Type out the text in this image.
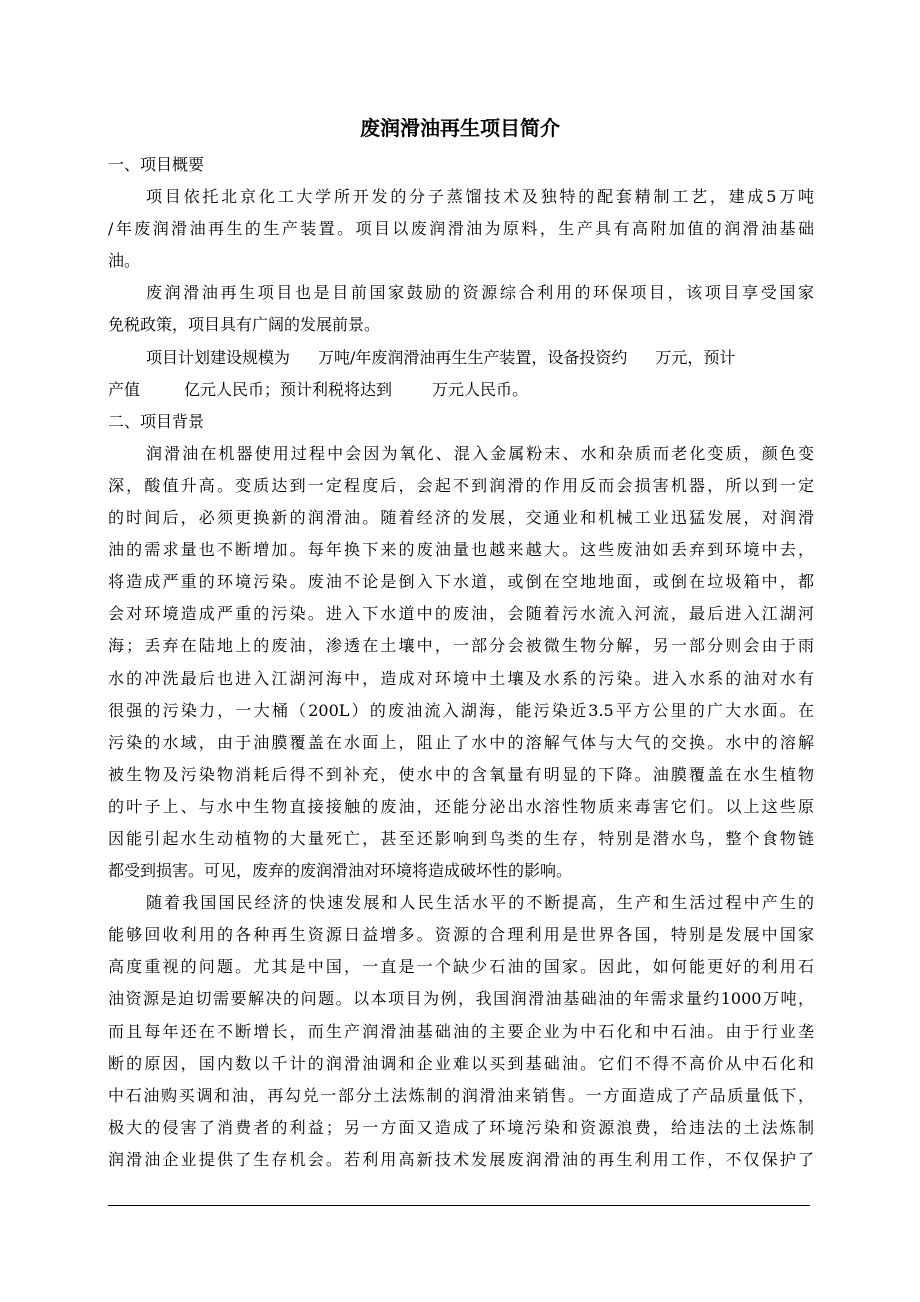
废润滑油再生项目简介
一、项目概要
项目依托北京化工大学所开发的分子蒸馏技术及独特的配套精制工艺，建成5万吨
/年废润滑油再生的生产装置。项目以废润滑油为原料，生产具有高附加值的润滑油基础
油。
废润滑油再生项目也是目前国家鼓励的资源综合利用的环保项目，该项目享受国家
免税政策，项目具有广阔的发展前景。
项目计划建设规模为 万吨/年废润滑油再生生产装置，设备投资约 万元，预计
产值	亿元人民币；预计利税将达到	万元人民币。
二、项目背景
润滑油在机器使用过程中会因为氧化、混入金属粉末、水和杂质而老化变质，颜色变
深，酸值升高。变质达到一定程度后，会起不到润滑的作用反而会损害机器，所以到一定
的时间后，必须更换新的润滑油。随着经济的发展，交通业和机械工业迅猛发展，对润滑
油的需求量也不断增加。每年换下来的废油量也越来越大。这些废油如丢弃到环境中去，
将造成严重的环境污染。废油不论是倒入下水道，或倒在空地地面，或倒在垃圾箱中，都
会对环境造成严重的污染。进入下水道中的废油，会随着污水流入河流，最后进入江湖河
海；丢弃在陆地上的废油，渗透在土壤中，一部分会被微生物分解，另一部分则会由于雨
水的冲洗最后也进入江湖河海中，造成对环境中土壤及水系的污染。进入水系的油对水有
很强的污染力，一大桶（200L）的废油流入湖海，能污染近3.5平方公里的广大水面。在
污染的水域，由于油膜覆盖在水面上，阻止了水中的溶解气体与大气的交换。水中的溶解
被生物及污染物消耗后得不到补充，使水中的含氧量有明显的下降。油膜覆盖在水生植物
的叶子上、与水中生物直接接触的废油，还能分泌出水溶性物质来毒害它们。以上这些原
因能引起水生动植物的大量死亡，甚至还影响到鸟类的生存，特别是潜水鸟，整个食物链
都受到损害。可见，废弃的废润滑油对环境将造成破坏性的影响。
随着我国国民经济的快速发展和人民生活水平的不断提高，生产和生活过程中产生的
能够回收利用的各种再生资源日益增多。资源的合理利用是世界各国，特别是发展中国家
高度重视的问题。尤其是中国，一直是一个缺少石油的国家。因此，如何能更好的利用石
油资源是迫切需要解决的问题。以本项目为例，我国润滑油基础油的年需求量约1000万吨，
而且每年还在不断增长，而生产润滑油基础油的主要企业为中石化和中石油。由于行业垄
断的原因，国内数以千计的润滑油调和企业难以买到基础油。它们不得不高价从中石化和
中石油购买调和油，再勾兑一部分土法炼制的润滑油来销售。一方面造成了产品质量低下，
极大的侵害了消费者的利益；另一方面又造成了环境污染和资源浪费，给违法的土法炼制
润滑油企业提供了生存机会。若利用高新技术发展废润滑油的再生利用工作，不仅保护了
